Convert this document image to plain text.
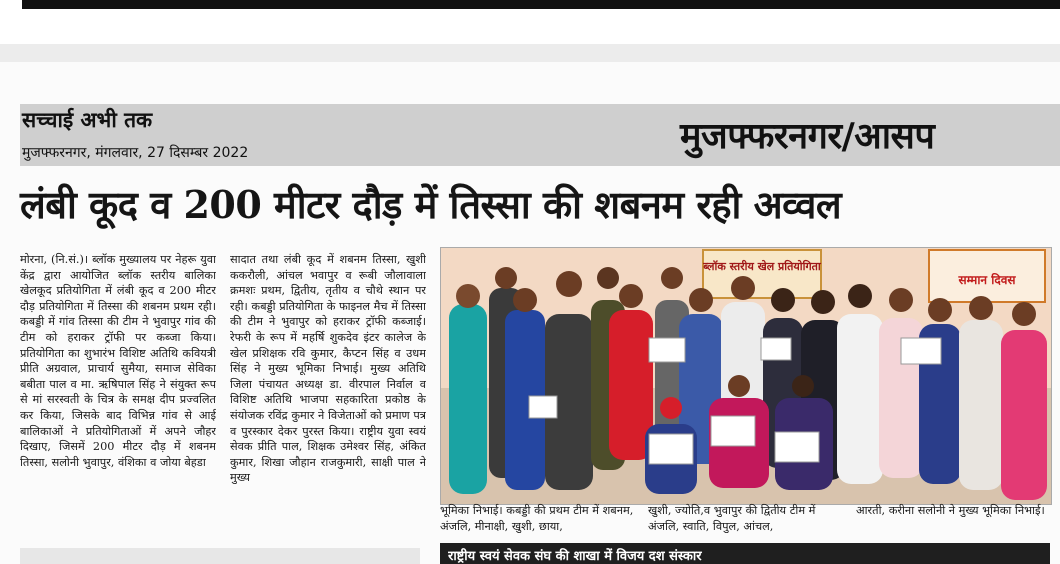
सच्चाई अभी तक
मुजफ्फरनगर, मंगलवार, 27 दिसम्बर 2022	मुजफ्फरनगर/आसप
लंबी कूद व 200 मीटर दौड़ में तिस्सा की शबनम रही अव्वल
मोरना, (नि.सं.)। ब्लॉक मुख्यालय पर नेहरू युवा केंद्र द्वारा आयोजित ब्लॉक स्तरीय बालिका खेलकूद प्रतियोगिता में लंबी कूद व 200 मीटर दौड़ प्रतियोगिता में तिस्सा की शबनम प्रथम रही। कबड्डी में गांव तिस्सा की टीम ने भुवापुर गांव की टीम को हराकर ट्रॉफी पर कब्जा किया। प्रतियोगिता का शुभारंभ विशिष्ट अतिथि कवियत्री प्रीति अग्रवाल, प्राचार्य सुमैया, समाज सेविका बबीता पाल व मा. ऋषिपाल सिंह ने संयुक्त रूप से मां सरस्वती के चित्र के समक्ष दीप प्रज्वलित कर किया, जिसके बाद विभिन्न गांव से आई बालिकाओं ने प्रतियोगिताओं में अपने जौहर दिखाए, जिसमें 200 मीटर दौड़ में शबनम तिस्सा, सलोनी भुवापुर, वंशिका व जोया बेहडा
सादात तथा लंबी कूद में शबनम तिस्सा, खुशी ककरौली, आंचल भवापुर व रूबी जौलावाला क्रमशः प्रथम, द्वितीय, तृतीय व चौथे स्थान पर रही। कबड्डी प्रतियोगिता के फाइनल मैच में तिस्सा की टीम ने भुवापुर को हराकर ट्रॉफी कब्जाई। रेफरी के रूप में महर्षि शुकदेव इंटर कालेज के खेल प्रशिक्षक रवि कुमार, कैप्टन सिंह व उधम सिंह ने मुख्य भूमिका निभाई। मुख्य अतिथि जिला पंचायत अध्यक्ष डा. वीरपाल निर्वाल व विशिष्ट अतिथि भाजपा सहकारिता प्रकोष्ठ के संयोजक रविंद्र कुमार ने विजेताओं को प्रमाण पत्र व पुरस्कार देकर पुरस्‍त किया। राष्ट्रीय युवा स्वयं सेवक प्रीति पाल, शिक्षक उमेश्वर सिंह, अंकित कुमार, शिखा जौहान राजकुमारी, साक्षी पाल ने मुख्य
ब्लॉक स्तरीय खेल प्रतियोगिता
सम्मान दिवस
भूमिका निभाई। कबड्डी की प्रथम टीम में शबनम, अंजलि, मीनाक्षी, खुशी, छाया,
खुशी, ज्योति,व भुवापुर की द्वितीय टीम में अंजलि, स्वाति, विपुल, आंचल,
आरती, करीना सलोनी ने मुख्य भूमिका निभाई।
राष्ट्रीय स्वयं सेवक संघ की शाखा में विजय दश संस्कार
